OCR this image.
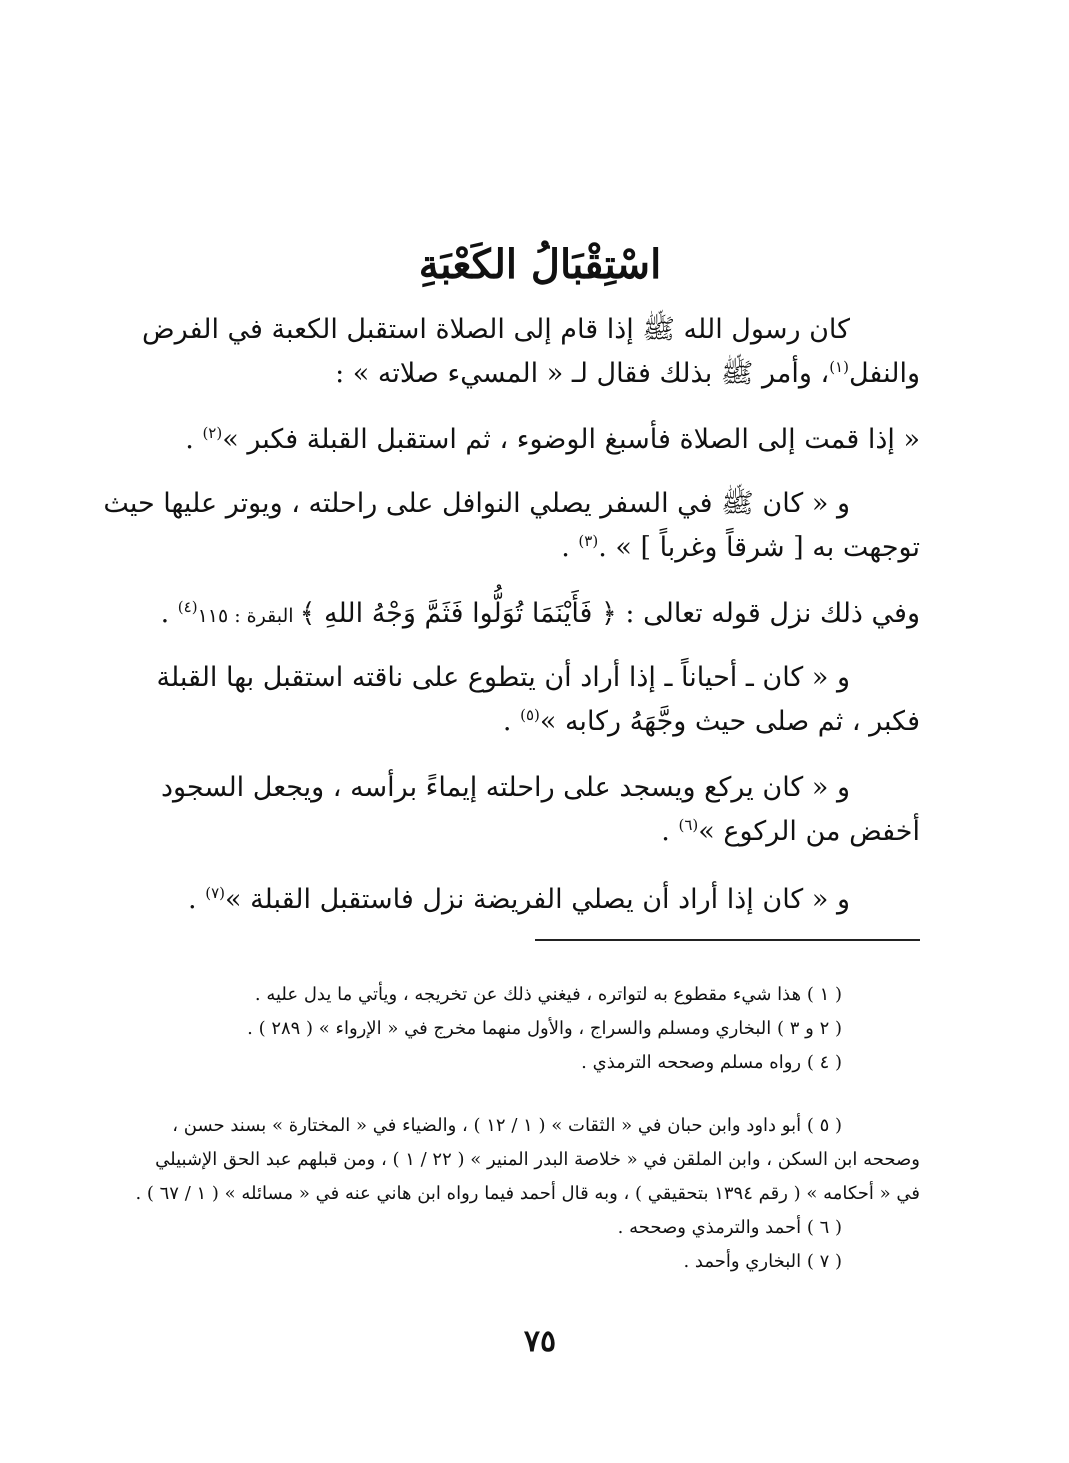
اسْتِقْبَالُ الكَعْبَةِ
كان رسول الله ﷺ إذا قام إلى الصلاة استقبل الكعبة في الفرض
والنفل$^{(١)}$، وأمر ﷺ بذلك فقال لـ « المسيء صلاته » :
« إذا قمت إلى الصلاة فأسبغ الوضوء ، ثم استقبل القبلة فكبر »$^{(٢)}$ .
و « كان ﷺ في السفر يصلي النوافل على راحلته ، ويوتر عليها حيث
توجهت به [ شرقاً وغرباً ] » .$^{(٣)}$ .
وفي ذلك نزل قوله تعالى : ﴿ فَأَيْنَمَا تُوَلُّوا فَثَمَّ وَجْهُ اللهِ ﴾ البقرة : ١١٥$^{(٤)}$ .
و « كان ـ أحياناً ـ إذا أراد أن يتطوع على ناقته استقبل بها القبلة
فكبر ، ثم صلى حيث وجَّهَهُ ركابه »$^{(٥)}$ .
و « كان يركع ويسجد على راحلته إيماءً برأسه ، ويجعل السجود
أخفض من الركوع »$^{(٦)}$ .
و « كان إذا أراد أن يصلي الفريضة نزل فاستقبل القبلة »$^{(٧)}$ .
( ١ ) هذا شيء مقطوع به لتواتره ، فيغني ذلك عن تخريجه ، ويأتي ما يدل عليه .
( ٢ و ٣ ) البخاري ومسلم والسراج ، والأول منهما مخرج في « الإرواء » ( ٢٨٩ ) .
( ٤ ) رواه مسلم وصححه الترمذي .
( ٥ ) أبو داود وابن حبان في « الثقات » ( ١ / ١٢ ) ، والضياء في « المختارة » بسند حسن ،
وصححه ابن السكن ، وابن الملقن في « خلاصة البدر المنير » ( ٢٢ / ١ ) ، ومن قبلهم عبد الحق الإشبيلي
في « أحكامه » ( رقم ١٣٩٤ بتحقيقي ) ، وبه قال أحمد فيما رواه ابن هاني عنه في « مسائله » ( ١ / ٦٧ ) .
( ٦ ) أحمد والترمذي وصححه .
( ٧ ) البخاري وأحمد .
٧٥
